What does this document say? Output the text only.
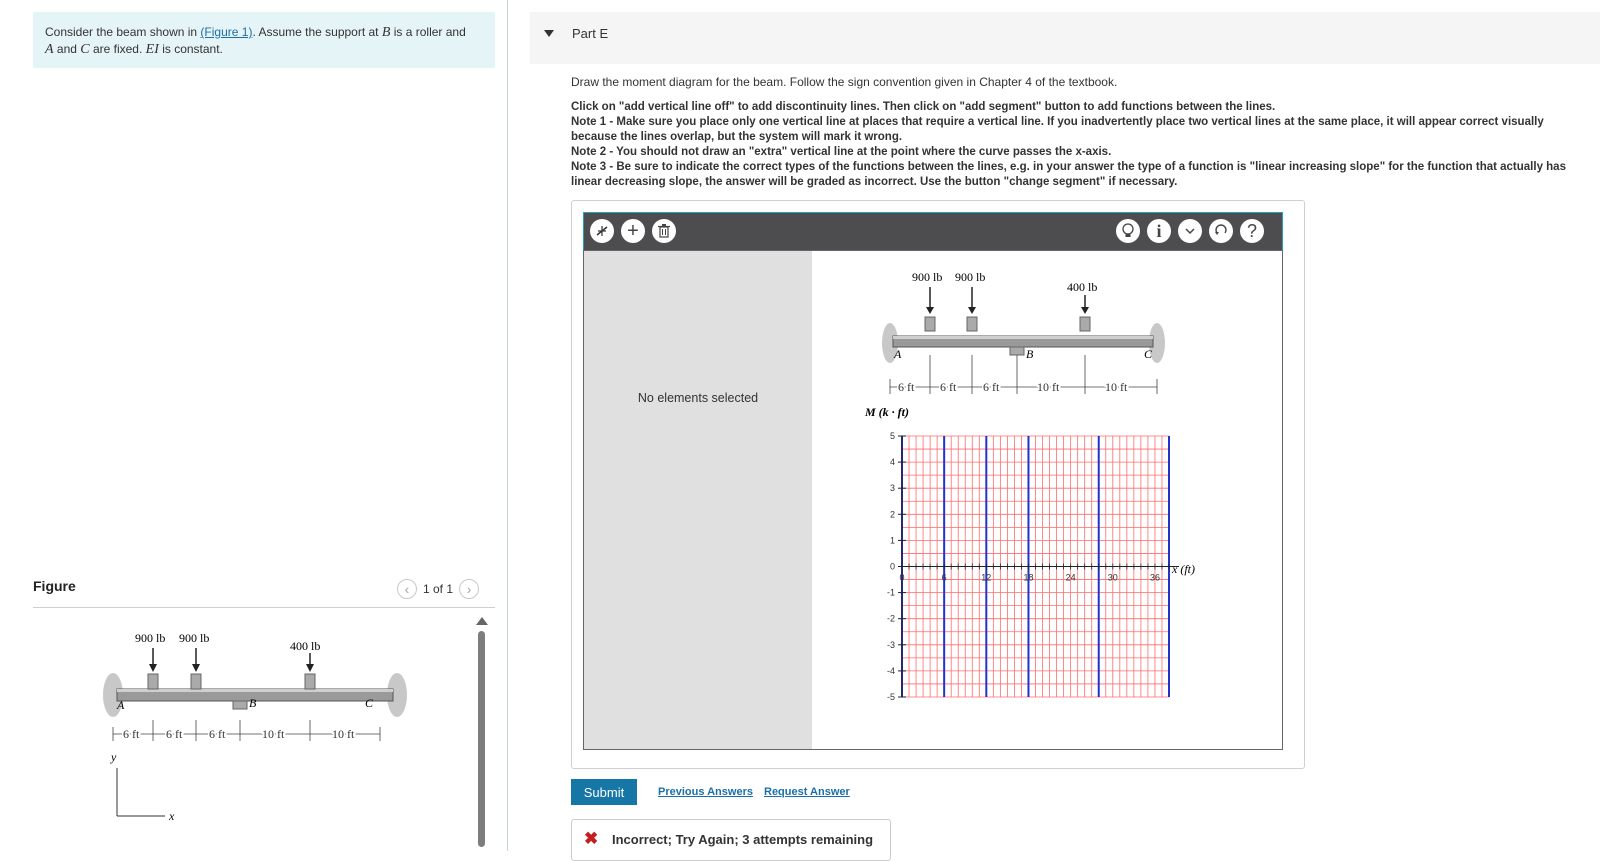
Consider the beam shown in (Figure 1). Assume the support at B is a roller and
A and C are fixed. EI is constant.
Figure	‹ 1 of 1 ›
900 lb 900 lb
400 lb
A	B	C
6 ft 6 ft 6 ft	10 ft	10 ft
y
x
Part E
Draw the moment diagram for the beam. Follow the sign convention given in Chapter 4 of the textbook.
Click on "add vertical line off" to add discontinuity lines. Then click on "add segment" button to add functions between the lines.
Note 1 - Make sure you place only one vertical line at places that require a vertical line. If you inadvertently place two vertical lines at the same place, it will appear correct visually because the lines overlap, but the system will mark it wrong.
Note 2 - You should not draw an "extra" vertical line at the point where the curve passes the x-axis.
Note 3 - Be sure to indicate the correct types of the functions between the lines, e.g. in your answer the type of a function is "linear increasing slope" for the function that actually has linear decreasing slope, the answer will be graded as incorrect. Use the button "change segment" if necessary.
+	i	?
No elements selected
900 lb 900 lb
400 lb
A	B	C
6 ft 6 ft 6 ft	10 ft	10 ft
M (k · ft)
x (ft)
5
4
3
2
1
0
-1
-2
-3
-4
-5
0	6	12	18	24	30	36
Submit	Previous Answers Request Answer
✖ Incorrect; Try Again; 3 attempts remaining
